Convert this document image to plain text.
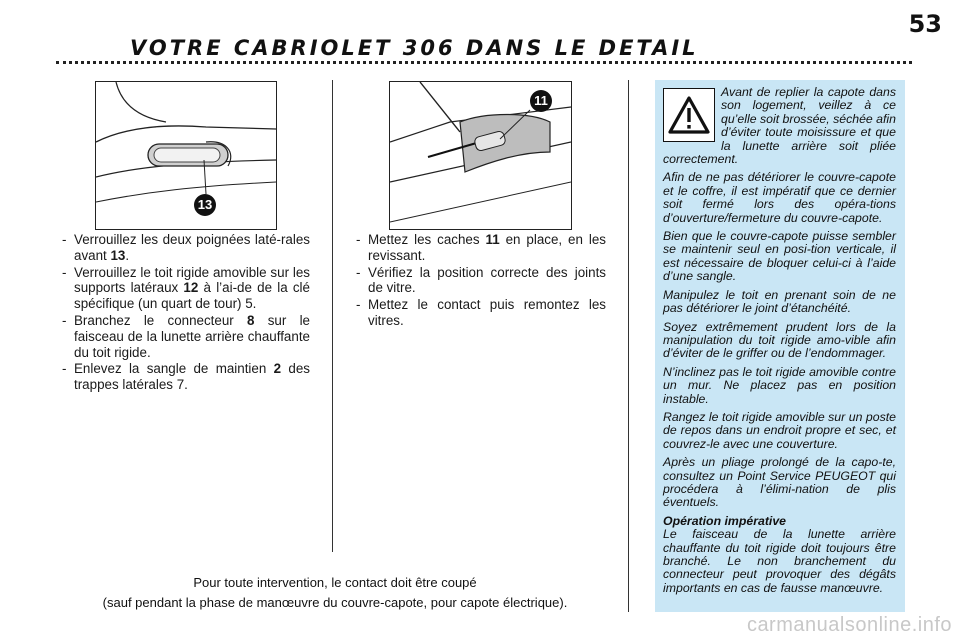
53
VOTRE CABRIOLET 306 DANS LE DETAIL
13
11
- Verrouillez les deux poignées laté-rales avant 13.
- Verrouillez le toit rigide amovible sur les supports latéraux 12 à l’ai-de de la clé spécifique (un quart de tour) 5.
- Branchez le connecteur 8 sur le faisceau de la lunette arrière chauffante du toit rigide.
- Enlevez la sangle de maintien 2 des trappes latérales 7.
- Mettez les caches 11 en place, en les revissant.
- Vérifiez la position correcte des joints de vitre.
- Mettez le contact puis remontez les vitres.
Pour toute intervention, le contact doit être coupé
(sauf pendant la phase de manœuvre du couvre-capote, pour capote électrique).

Avant de replier la capote dans son logement, veillez à ce qu’elle soit brossée, séchée afin d’éviter toute moisissure et que la lunette arrière soit pliée correctement.

Afin de ne pas détériorer le couvre-capote et le coffre, il est impératif que ce dernier soit fermé lors des opéra-tions d’ouverture/fermeture du couvre-capote.

Bien que le couvre-capote puisse sembler se maintenir seul en posi-tion verticale, il est nécessaire de bloquer celui-ci à l’aide d’une sangle.

Manipulez le toit en prenant soin de ne pas détériorer le joint d’étanchéité.

Soyez extrêmement prudent lors de la manipulation du toit rigide amo-vible afin d’éviter de le griffer ou de l’endommager.

N’inclinez pas le toit rigide amovible contre un mur. Ne placez pas en position instable.

Rangez le toit rigide amovible sur un poste de repos dans un endroit propre et sec, et couvrez-le avec une couverture.

Après un pliage prolongé de la capo-te, consultez un Point Service PEUGEOT qui procédera à l’élimi-nation de plis éventuels.

Opération impérative

Le faisceau de la lunette arrière chauffante du toit rigide doit toujours être branché. Le non branchement du connecteur peut provoquer des dégâts importants en cas de fausse manœuvre.

carmanualsonline.info
